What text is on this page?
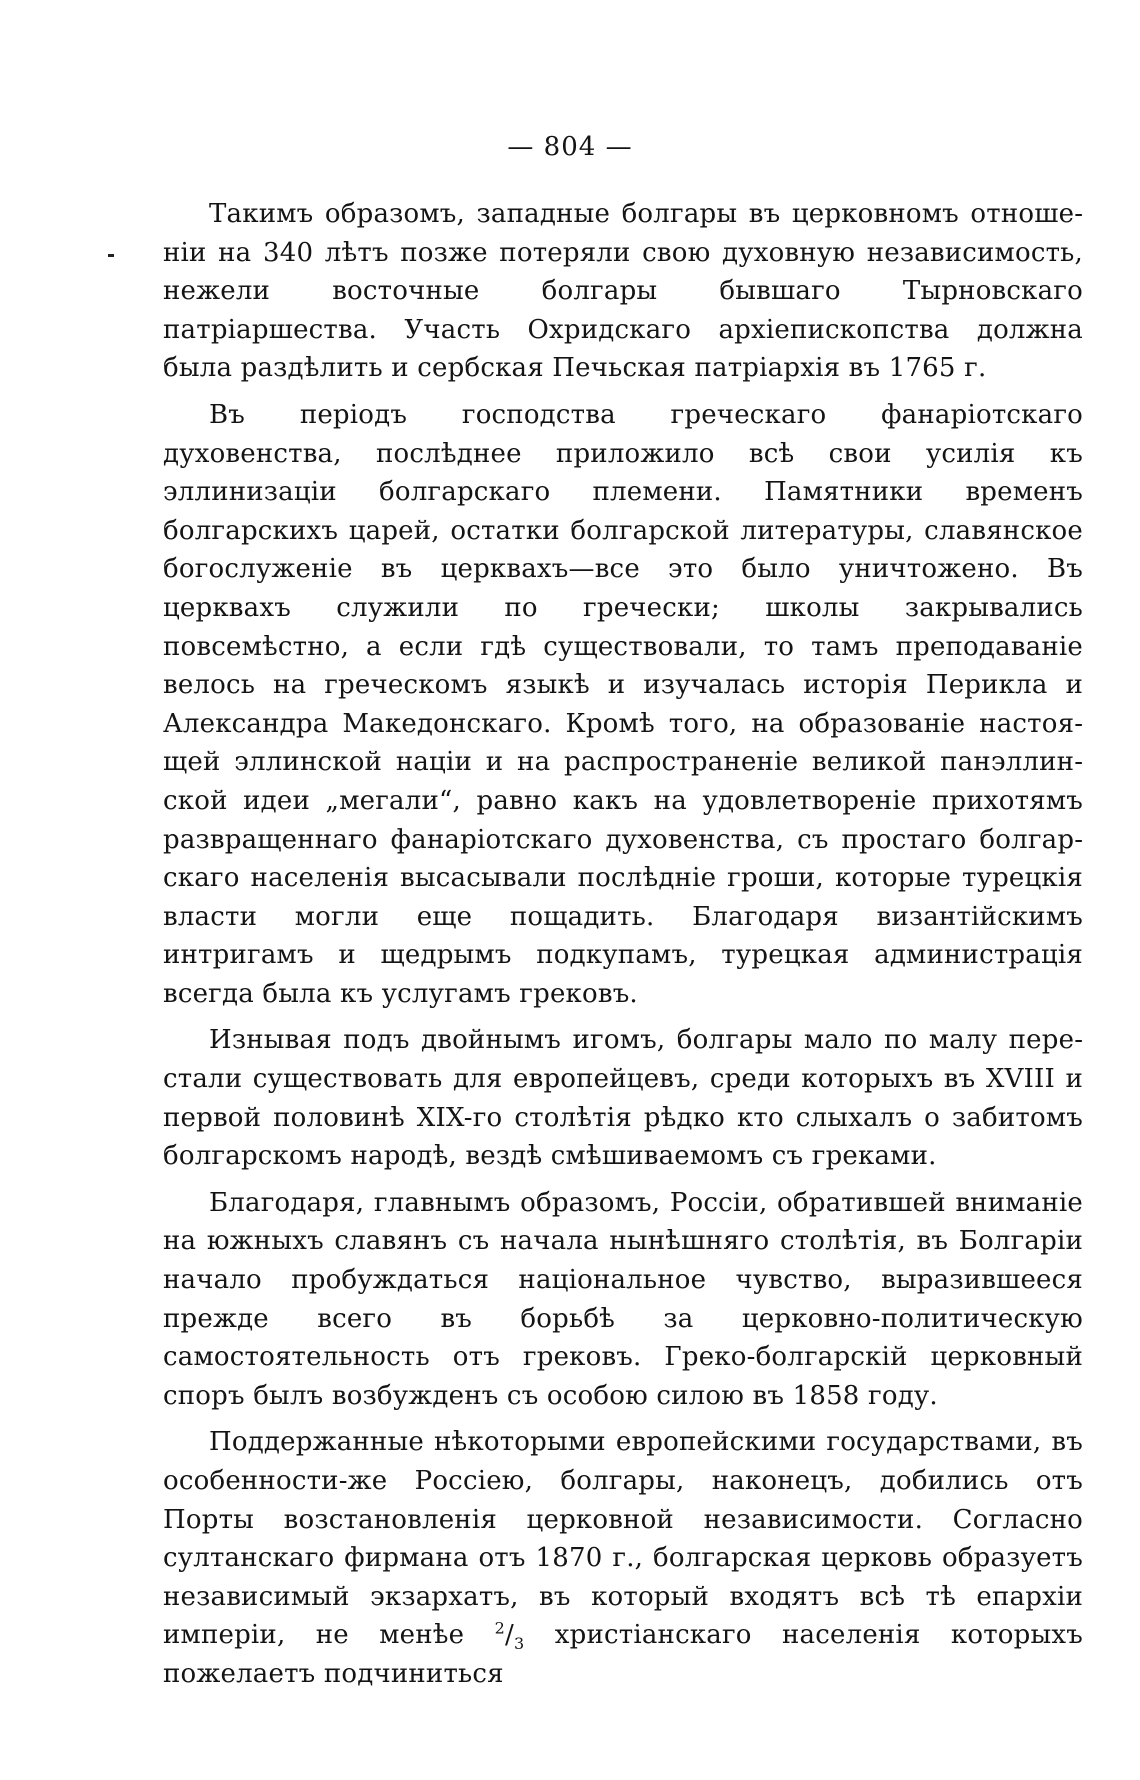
— 804 —

Такимъ образомъ, западные болгары въ церковномъ отношеніи на 340 лѣтъ позже потеряли свою духовную независимость, нежели восточные болгары бывшаго Тырновскаго патріаршества. Участь Охридскаго архіепископства должна была раздѣлить и сербская Печьская патріархія въ 1765 г.

Въ періодъ господства греческаго фанаріотскаго духовенства, послѣднее приложило всѣ свои усилія къ эллинизаціи болгарскаго племени. Памятники временъ болгарскихъ царей, остатки болгарской литературы, славянское богослуженіе въ церквахъ—все это было уничтожено. Въ церквахъ служили по гречески; школы закрывались повсемѣстно, а если гдѣ существовали, то тамъ преподаваніе велось на греческомъ языкѣ и изучалась исторія Перикла и Александра Македонскаго. Кромѣ того, на образованіе настоящей эллинской націи и на распространеніе великой панэллинской идеи „мегали“, равно какъ на удовлетвореніе прихотямъ развращеннаго фанаріотскаго духовенства, съ простаго болгарскаго населенія высасывали послѣдніе гроши, которые турецкія власти могли еще пощадить. Благодаря византійскимъ интригамъ и щедрымъ подкупамъ, турецкая администрація всегда была къ услугамъ грековъ.

Изнывая подъ двойнымъ игомъ, болгары мало по малу перестали существовать для европейцевъ, среди которыхъ въ XVIII и первой половинѣ XIX-го столѣтія рѣдко кто слыхалъ о забитомъ болгарскомъ народѣ, вездѣ смѣшиваемомъ съ греками.

Благодаря, главнымъ образомъ, Россіи, обратившей вниманіе на южныхъ славянъ съ начала нынѣшняго столѣтія, въ Болгаріи начало пробуждаться національное чувство, выразившееся прежде всего въ борьбѣ за церковно-политическую самостоятельность отъ грековъ. Греко-болгарскій церковный споръ былъ возбужденъ съ особою силою въ 1858 году.

Поддержанные нѣкоторыми европейскими государствами, въ особенности-же Россіею, болгары, наконецъ, добились отъ Порты возстановленія церковной независимости. Согласно султанскаго фирмана отъ 1870 г., болгарская церковь образуетъ независимый экзархатъ, въ который входятъ всѣ тѣ епархіи имперіи, не менѣе $^2/_3$ христіанскаго населенія которыхъ пожелаетъ подчиниться
